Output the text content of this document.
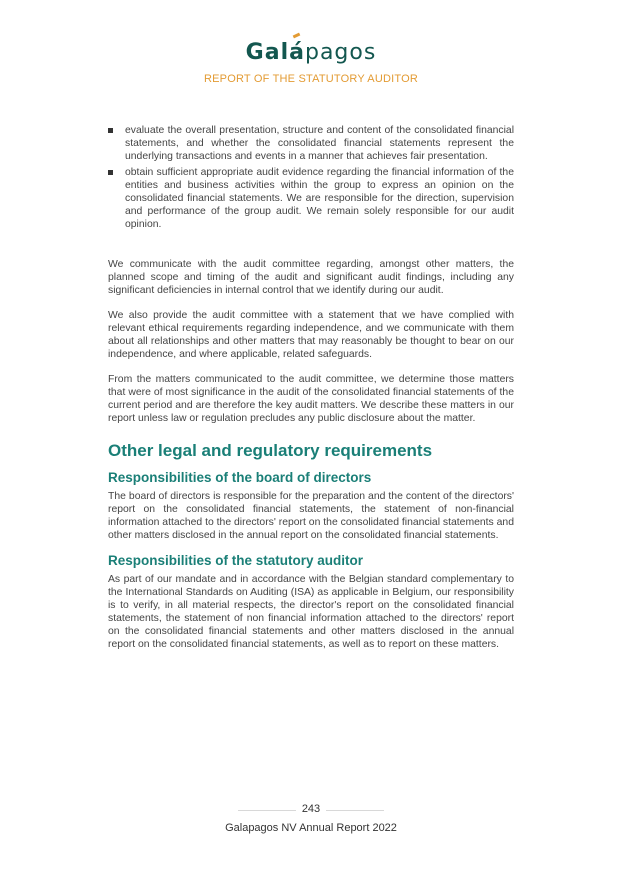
Galápagos
REPORT OF THE STATUTORY AUDITOR
evaluate the overall presentation, structure and content of the consolidated financial statements, and whether the consolidated financial statements represent the underlying transactions and events in a manner that achieves fair presentation.
obtain sufficient appropriate audit evidence regarding the financial information of the entities and business activities within the group to express an opinion on the consolidated financial statements. We are responsible for the direction, supervision and performance of the group audit. We remain solely responsible for our audit opinion.

We communicate with the audit committee regarding, amongst other matters, the planned scope and timing of the audit and significant audit findings, including any significant deficiencies in internal control that we identify during our audit.

We also provide the audit committee with a statement that we have complied with relevant ethical requirements regarding independence, and we communicate with them about all relationships and other matters that may reasonably be thought to bear on our independence, and where applicable, related safeguards.

From the matters communicated to the audit committee, we determine those matters that were of most significance in the audit of the consolidated financial statements of the current period and are therefore the key audit matters. We describe these matters in our report unless law or regulation precludes any public disclosure about the matter.

Other legal and regulatory requirements
Responsibilities of the board of directors

The board of directors is responsible for the preparation and the content of the directors' report on the consolidated financial statements, the statement of non-financial information attached to the directors' report on the consolidated financial statements and other matters disclosed in the annual report on the consolidated financial statements.

Responsibilities of the statutory auditor

As part of our mandate and in accordance with the Belgian standard complementary to the International Standards on Auditing (ISA) as applicable in Belgium, our responsibility is to verify, in all material respects, the director's report on the consolidated financial statements, the statement of non financial information attached to the directors' report on the consolidated financial statements and other matters disclosed in the annual report on the consolidated financial statements, as well as to report on these matters.

243
Galapagos NV Annual Report 2022
